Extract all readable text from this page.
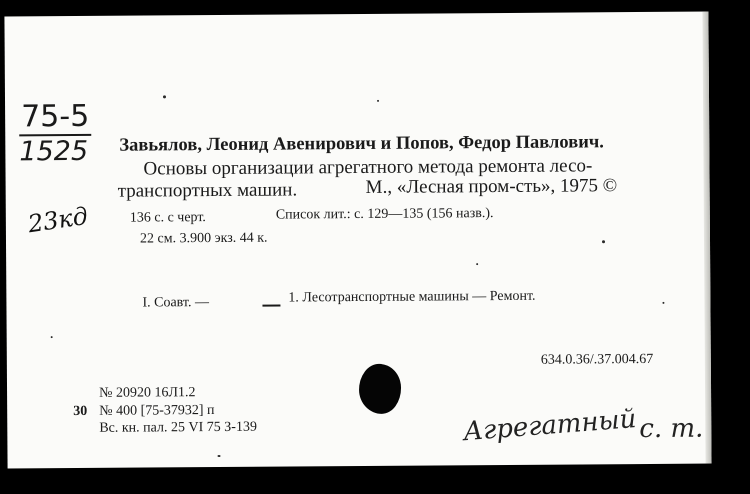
75-5
1525
23кд
Завьялов, Леонид Авенирович и Попов, Федор Павлович.
Основы организации агрегатного метода ремонта лесо-
транспортных машин.	М., «Лесная пром-сть», 1975 ©
136 с. с черт.	Список лит.: с. 129—135 (156 назв.).
22 см. 3.900 экз. 44 к.
I. Соавт. —	1. Лесотранспортные машины — Ремонт.
634.0.36/.37.004.67
№ 20920 16Л1.2
30 № 400 [75-37932] п
Вс. кн. пал. 25 VI 75 З-139	Агрегатный с. т.
